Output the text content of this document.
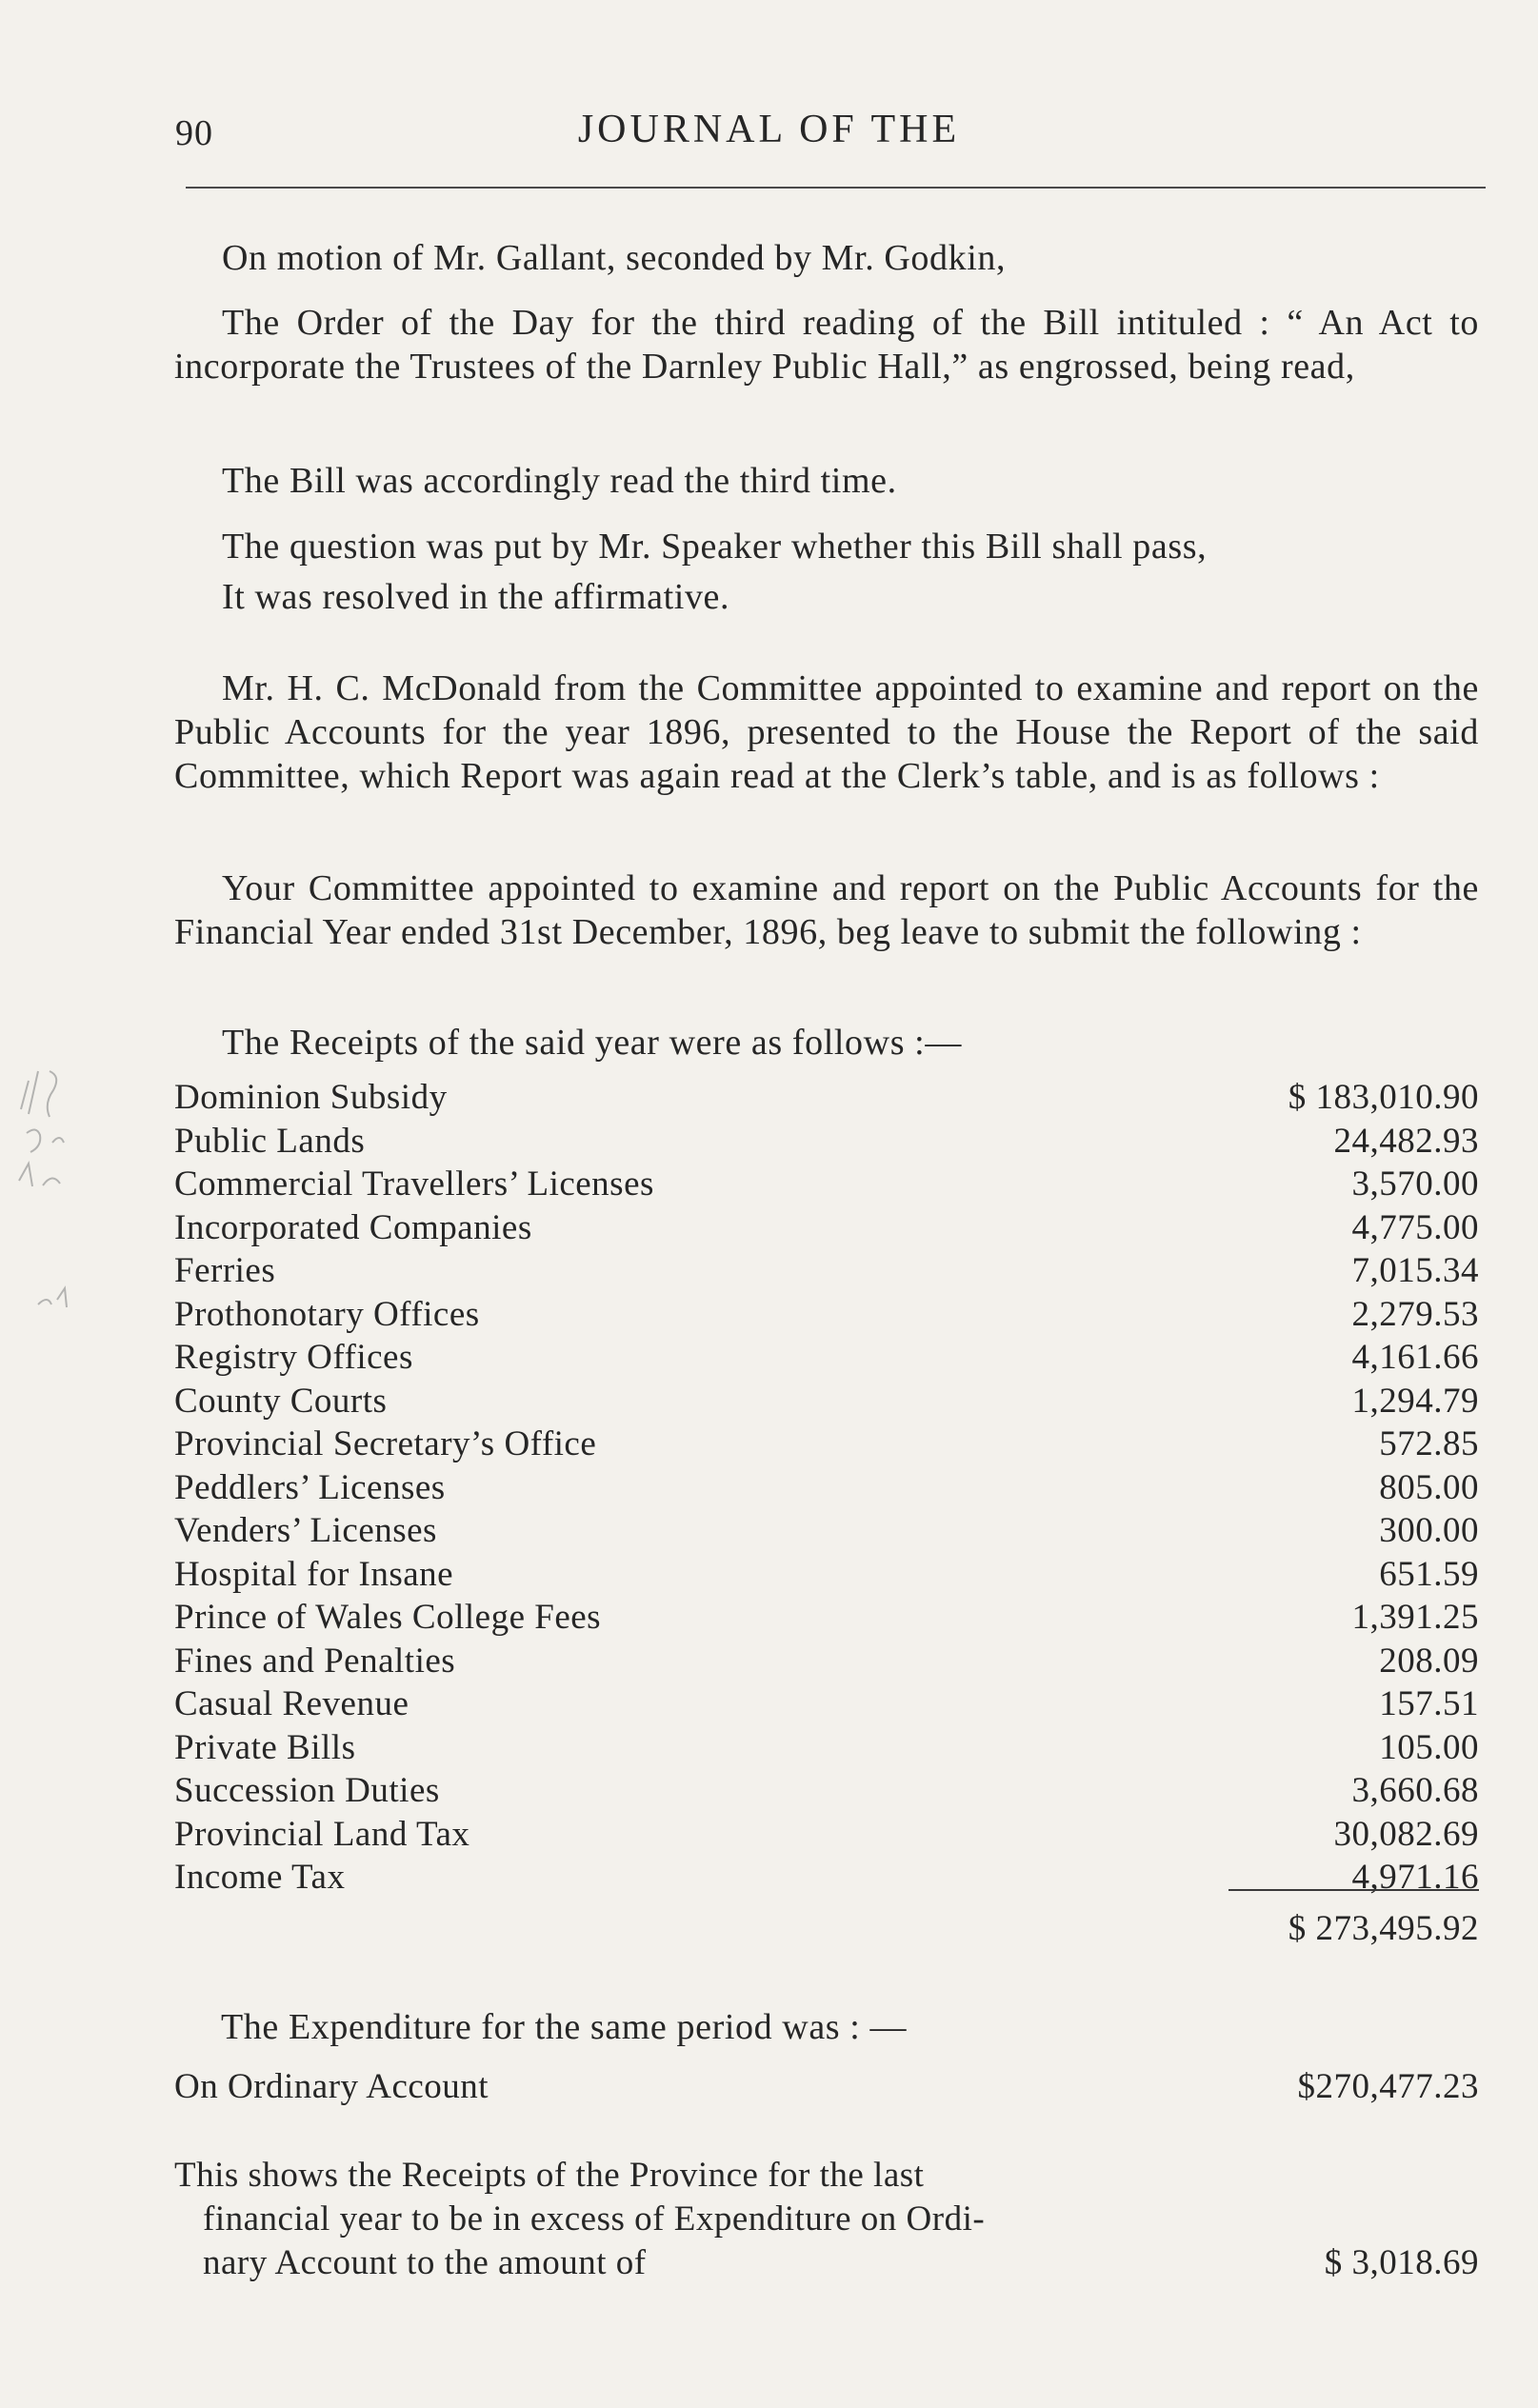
90	JOURNAL OF THE
On motion of Mr. Gallant, seconded by Mr. Godkin,
The Order of the Day for the third reading of the Bill intituled : “ An Act to incorporate the Trustees of the Darnley Public Hall,” as engrossed, being read,
The Bill was accordingly read the third time.
The question was put by Mr. Speaker whether this Bill shall pass,
It was resolved in the affirmative.
Mr. H. C. McDonald from the Committee appointed to examine and report on the Public Accounts for the year 1896, presented to the House the Report of the said Committee, which Report was again read at the Clerk’s table, and is as follows :
Your Committee appointed to examine and report on the Public Accounts for the Financial Year ended 31st December, 1896, beg leave to submit the following :
The Receipts of the said year were as follows :—
Dominion Subsidy	$ 183,010.90
Public Lands	24,482.93
Commercial Travellers’ Licenses	3,570.00
Incorporated Companies	4,775.00
Ferries	7,015.34
Prothonotary Offices	2,279.53
Registry Offices	4,161.66
County Courts	1,294.79
Provincial Secretary’s Office	572.85
Peddlers’ Licenses	805.00
Venders’ Licenses	300.00
Hospital for Insane	651.59
Prince of Wales College Fees	1,391.25
Fines and Penalties	208.09
Casual Revenue	157.51
Private Bills	105.00
Succession Duties	3,660.68
Provincial Land Tax	30,082.69
Income Tax	4,971.16
$ 273,495.92
The Expenditure for the same period was : —
On Ordinary Account	$270,477.23
This shows the Receipts of the Province for the last
financial year to be in excess of Expenditure on Ordi-
nary Account to the amount of	$ 3,018.69
